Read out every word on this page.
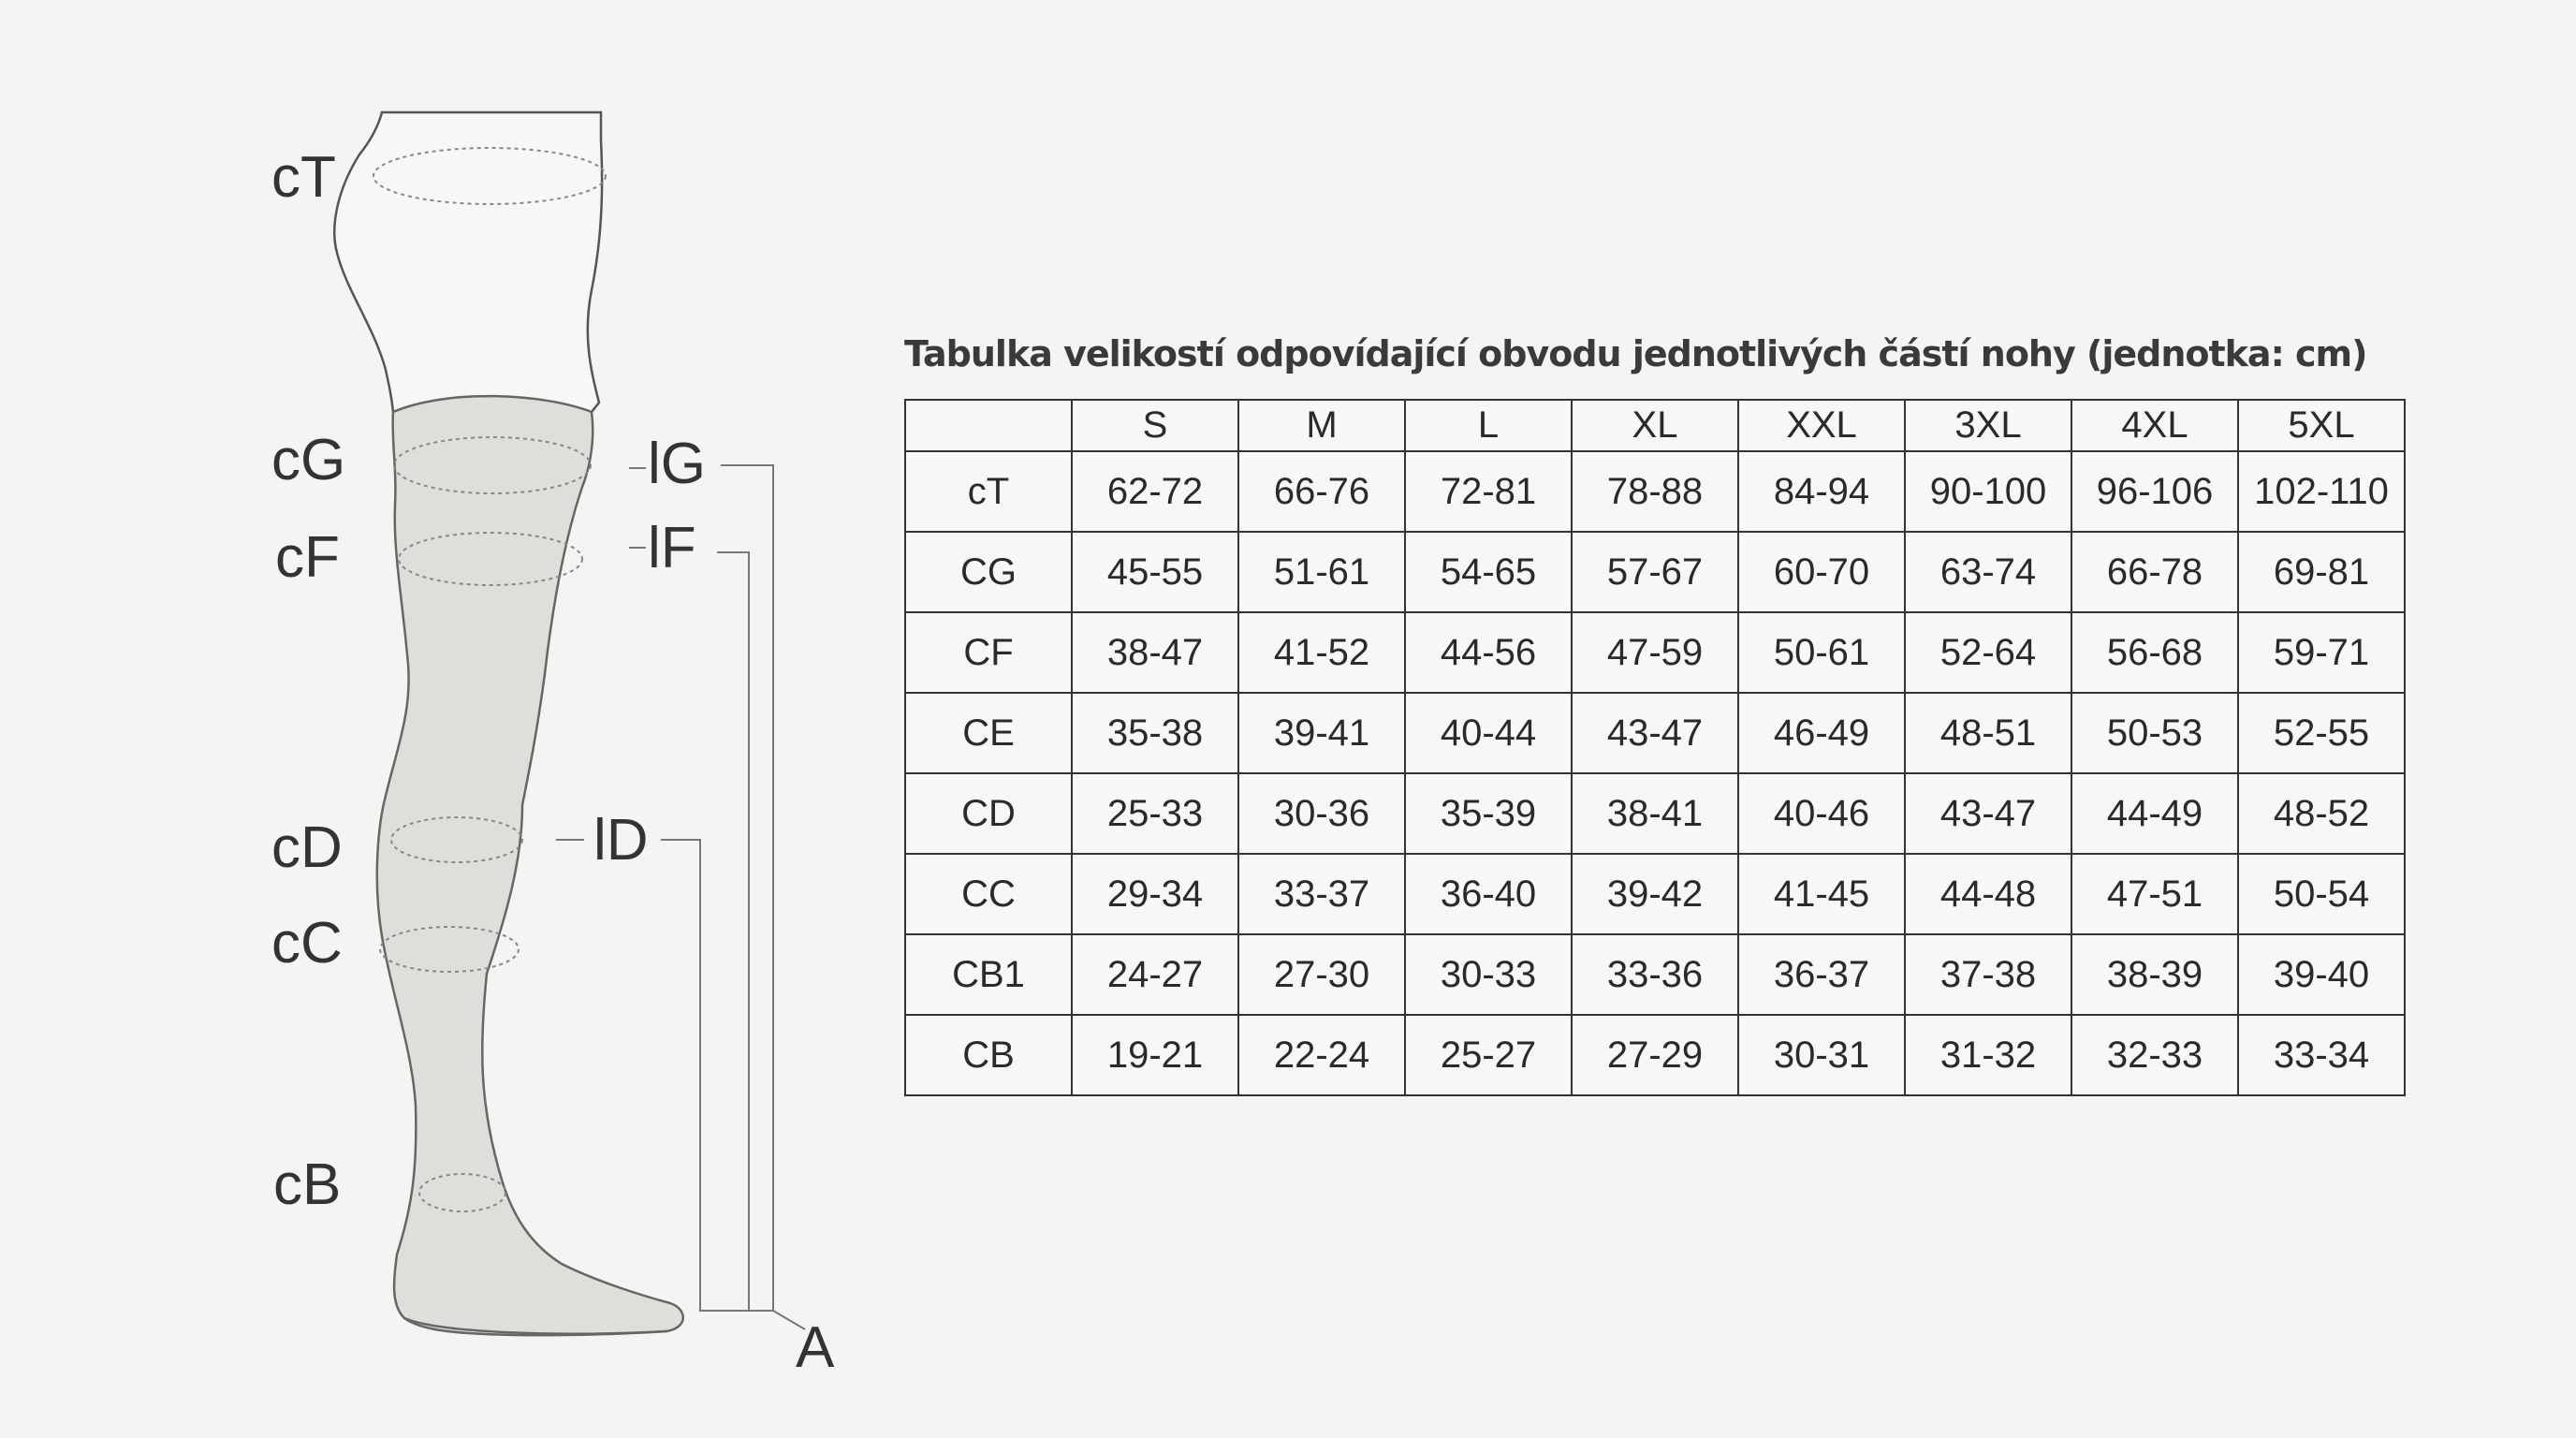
cT
cG
cF
cD
cC
cB
lG
lF
lD
A
Tabulka velikostí odpovídající obvodu jednotlivých částí nohy (jednotka: cm)
	S	M	L	XL	XXL	3XL	4XL	5XL
cT	62-72	66-76	72-81	78-88	84-94	90-100	96-106	102-110
CG	45-55	51-61	54-65	57-67	60-70	63-74	66-78	69-81
CF	38-47	41-52	44-56	47-59	50-61	52-64	56-68	59-71
CE	35-38	39-41	40-44	43-47	46-49	48-51	50-53	52-55
CD	25-33	30-36	35-39	38-41	40-46	43-47	44-49	48-52
CC	29-34	33-37	36-40	39-42	41-45	44-48	47-51	50-54
CB1	24-27	27-30	30-33	33-36	36-37	37-38	38-39	39-40
CB	19-21	22-24	25-27	27-29	30-31	31-32	32-33	33-34
